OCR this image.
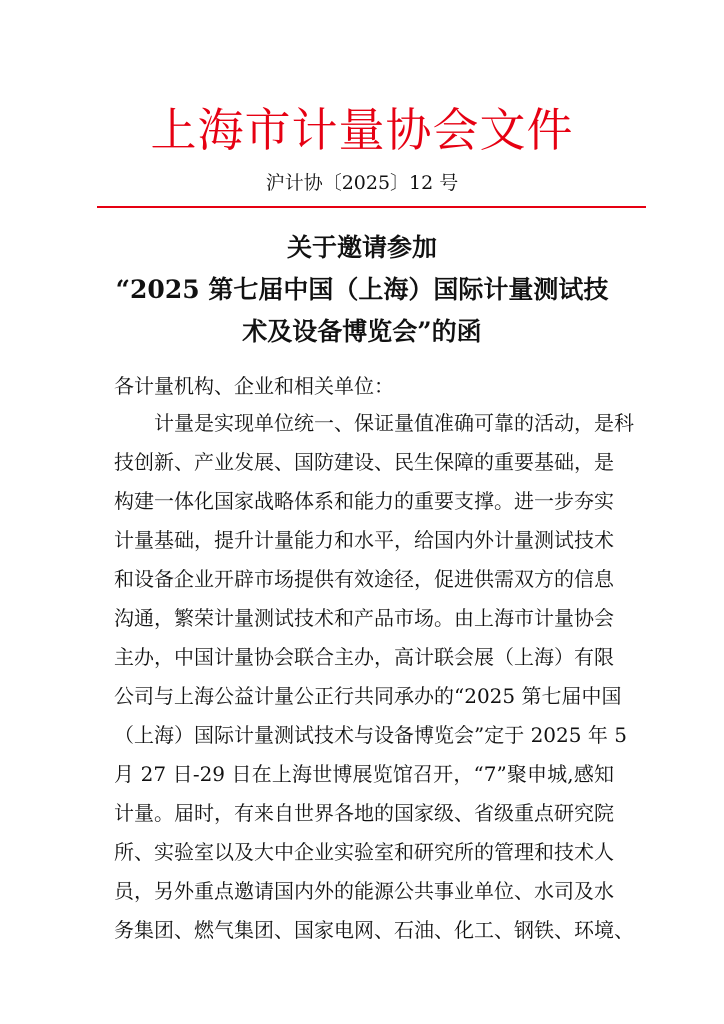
上海市计量协会文件
沪计协〔2025〕12 号
关于邀请参加
“2025 第七届中国（上海）国际计量测试技
术及设备博览会”的函
各计量机构、企业和相关单位：
计量是实现单位统一、保证量值准确可靠的活动，是科
技创新、产业发展、国防建设、民生保障的重要基础，是
构建一体化国家战略体系和能力的重要支撑。进一步夯实
计量基础，提升计量能力和水平，给国内外计量测试技术
和设备企业开辟市场提供有效途径，促进供需双方的信息
沟通，繁荣计量测试技术和产品市场。由上海市计量协会
主办，中国计量协会联合主办，高计联会展（上海）有限
公司与上海公益计量公正行共同承办的“2025 第七届中国
（上海）国际计量测试技术与设备博览会”定于 2025 年 5
月 27 日-29 日在上海世博展览馆召开，“7”聚申城,感知
计量。届时，有来自世界各地的国家级、省级重点研究院
所、实验室以及大中企业实验室和研究所的管理和技术人
员，另外重点邀请国内外的能源公共事业单位、水司及水
务集团、燃气集团、国家电网、石油、化工、钢铁、环境、
